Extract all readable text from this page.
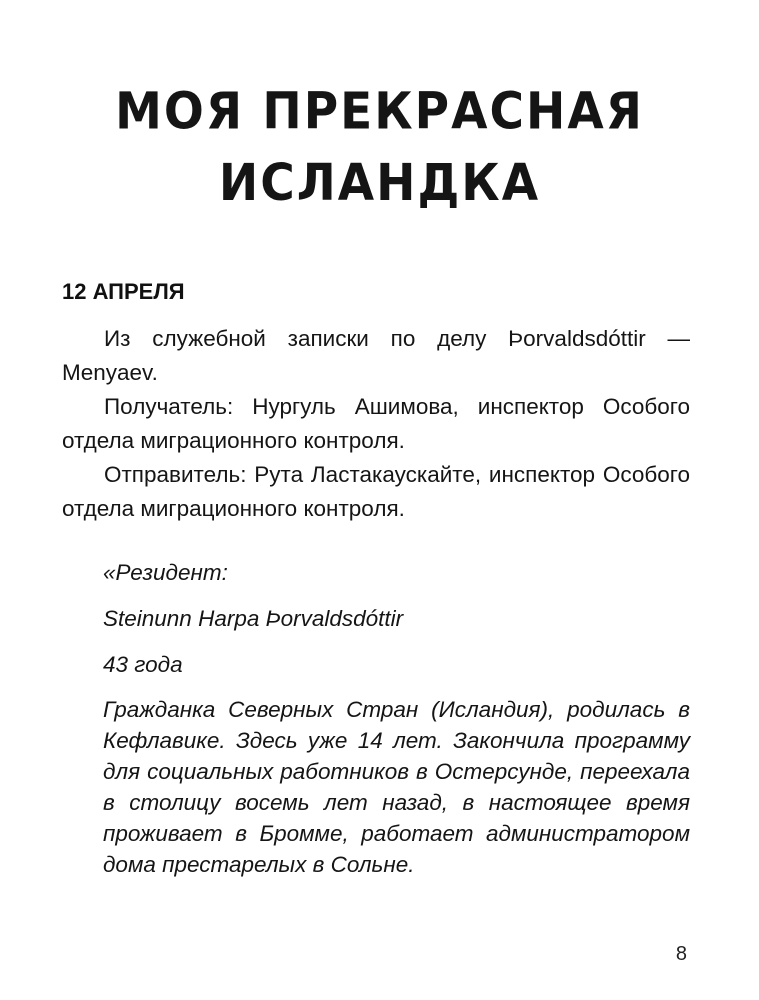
МОЯ ПРЕКРАСНАЯ
ИСЛАНДКА
12 АПРЕЛЯ

Из служебной записки по делу Þorvaldsdóttir — Menyaev.

Получатель: Нургуль Ашимова, инспектор Особого отдела миграционного контроля.

Отправитель: Рута Ластакаускайте, инспектор Особого отдела миграционного контроля.

«Резидент:

Steinunn Harpa Þorvaldsdóttir

43 года

Гражданка Северных Стран (Исландия), родилась в Кефлавике. Здесь уже 14 лет. Закончила программу для социальных работников в Остерсунде, переехала в столицу восемь лет назад, в настоящее время проживает в Бромме, работает администратором дома престарелых в Сольне.

8
